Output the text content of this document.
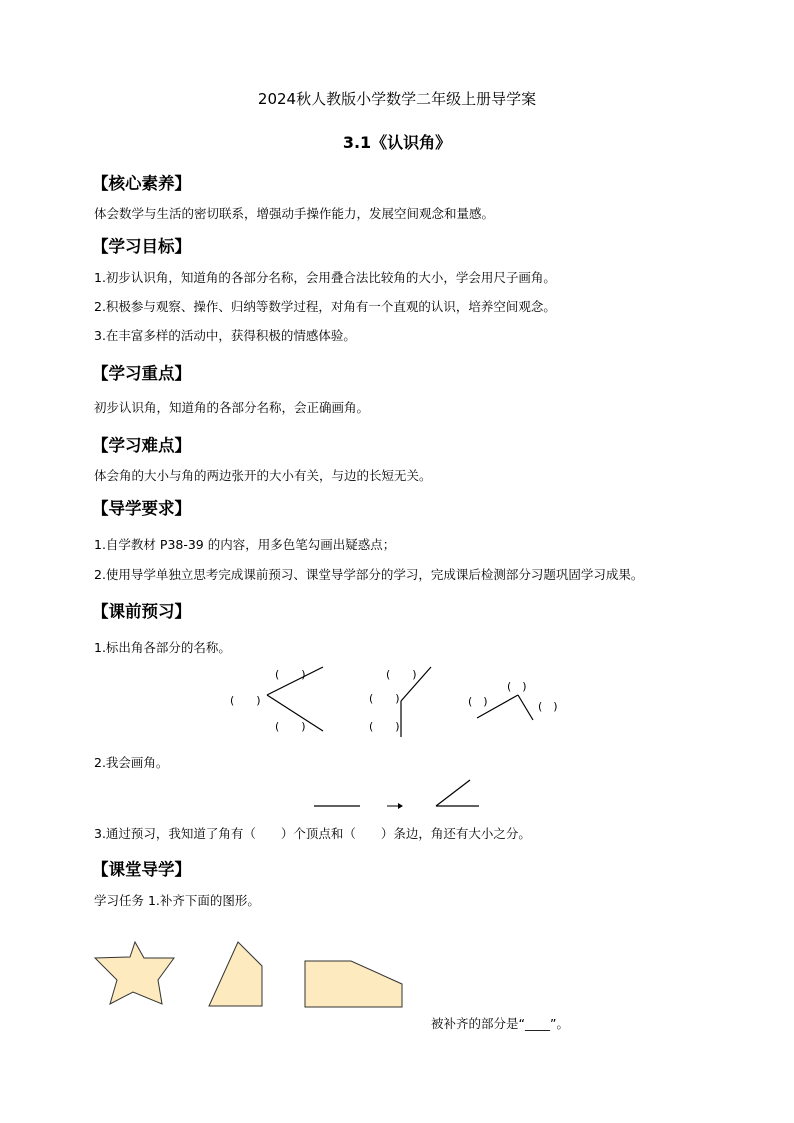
2024秋人教版小学数学二年级上册导学案
3.1《认识角》
【核心素养】
体会数学与生活的密切联系，增强动手操作能力，发展空间观念和量感。
【学习目标】
1.初步认识角，知道角的各部分名称，会用叠合法比较角的大小，学会用尺子画角。
2.积极参与观察、操作、归纳等数学过程，对角有一个直观的认识，培养空间观念。
3.在丰富多样的活动中，获得积极的情感体验。
【学习重点】
初步认识角，知道角的各部分名称，会正确画角。
【学习难点】
体会角的大小与角的两边张开的大小有关，与边的长短无关。
【导学要求】
1.自学教材 P38-39 的内容，用多色笔勾画出疑惑点；
2.使用导学单独立思考完成课前预习、课堂导学部分的学习，完成课后检测部分习题巩固学习成果。
【课前预习】
1.标出角各部分的名称。
(　　)
(　　)
(　　)
(　　)
(　　)
(　　)
(　)
(　)	(　)
2.我会画角。
3.通过预习，我知道了角有（　　）个顶点和（　　）条边，角还有大小之分。
【课堂导学】
学习任务 1.补齐下面的图形。
被补齐的部分是“____”。
